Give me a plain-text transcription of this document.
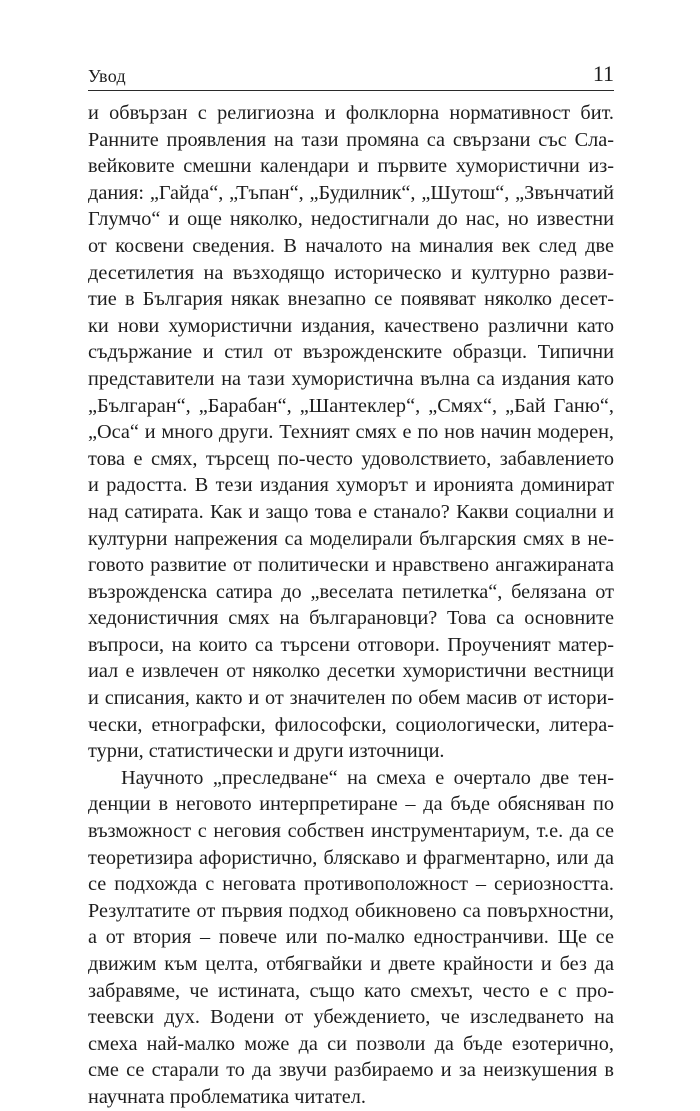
Увод	11
и обвързан с религиозна и фолклорна нормативност бит.
Ранните проявления на тази промяна са свързани със Сла-
вейковите смешни календари и първите хумористични из-
дания: „Гайда“, „Тъпан“, „Будилник“, „Шутош“, „Звънчатий
Глумчо“ и още няколко, недостигнали до нас, но известни
от косвени сведения. В началото на миналия век след две
десетилетия на възходящо историческо и културно разви-
тие в България някак внезапно се появяват няколко десет-
ки нови хумористични издания, качествено различни като
съдържание и стил от възрожденските образци. Типични
представители на тази хумористична вълна са издания като
„Българан“, „Барабан“, „Шантеклер“, „Смях“, „Бай Ганю“,
„Оса“ и много други. Техният смях е по нов начин модерен,
това е смях, търсещ по-често удоволствието, забавлението
и радостта. В тези издания хуморът и иронията доминират
над сатирата. Как и защо това е станало? Какви социални и
културни напрежения са моделирали българския смях в не-
говото развитие от политически и нравствено ангажираната
възрожденска сатира до „веселата петилетка“, белязана от
хедонистичния смях на българановци? Това са основните
въпроси, на които са търсени отговори. Проученият матер-
иал е извлечен от няколко десетки хумористични вестници
и списания, както и от значителен по обем масив от истори-
чески, етнографски, философски, социологически, литера-
турни, статистически и други източници.
Научното „преследване“ на смеха е очертало две тен-
денции в неговото интерпретиране – да бъде обясняван по
възможност с неговия собствен инструментариум, т.е. да се
теоретизира афористично, бляскаво и фрагментарно, или да
се подхожда с неговата противоположност – сериозността.
Резултатите от първия подход обикновено са повърхностни,
а от втория – повече или по-малко едностранчиви. Ще се
движим към целта, отбягвайки и двете крайности и без да
забравяме, че истината, също като смехът, често е с про-
теевски дух. Водени от убеждението, че изследването на
смеха най-малко може да си позволи да бъде езотерично,
сме се старали то да звучи разбираемо и за неизкушения в
научната проблематика читател.
